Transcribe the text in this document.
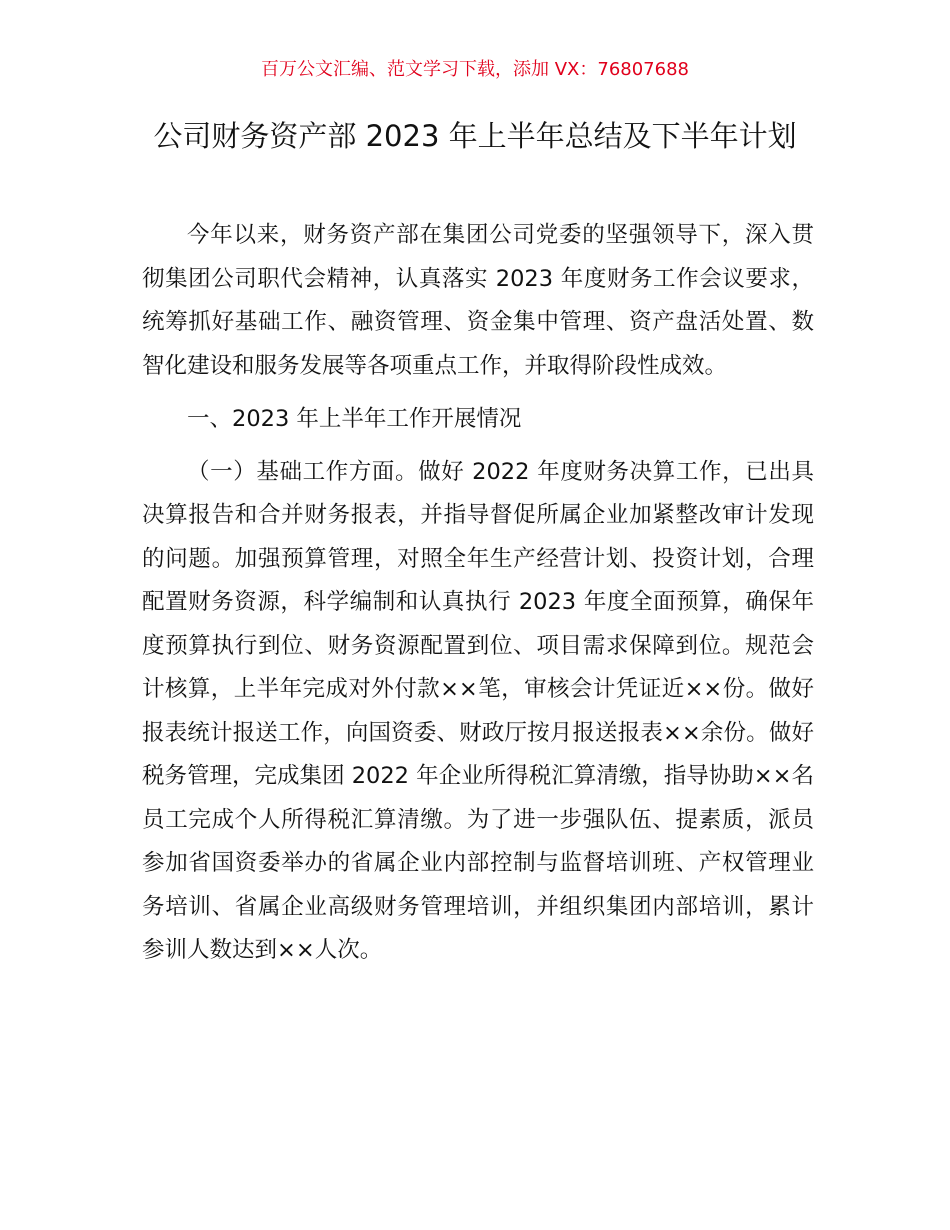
百万公文汇编、范文学习下载，添加 VX：76807688
公司财务资产部 2023 年上半年总结及下半年计划

今年以来，财务资产部在集团公司党委的坚强领导下，深入贯彻集团公司职代会精神，认真落实 2023 年度财务工作会议要求，统筹抓好基础工作、融资管理、资金集中管理、资产盘活处置、数智化建设和服务发展等各项重点工作，并取得阶段性成效。

一、2023 年上半年工作开展情况

（一）基础工作方面。做好 2022 年度财务决算工作，已出具决算报告和合并财务报表，并指导督促所属企业加紧整改审计发现的问题。加强预算管理，对照全年生产经营计划、投资计划，合理配置财务资源，科学编制和认真执行 2023 年度全面预算，确保年度预算执行到位、财务资源配置到位、项目需求保障到位。规范会计核算，上半年完成对外付款××笔，审核会计凭证近××份。做好报表统计报送工作，向国资委、财政厅按月报送报表××余份。做好税务管理，完成集团 2022 年企业所得税汇算清缴，指导协助××名员工完成个人所得税汇算清缴。为了进一步强队伍、提素质，派员参加省国资委举办的省属企业内部控制与监督培训班、产权管理业务培训、省属企业高级财务管理培训，并组织集团内部培训，累计参训人数达到××人次。
